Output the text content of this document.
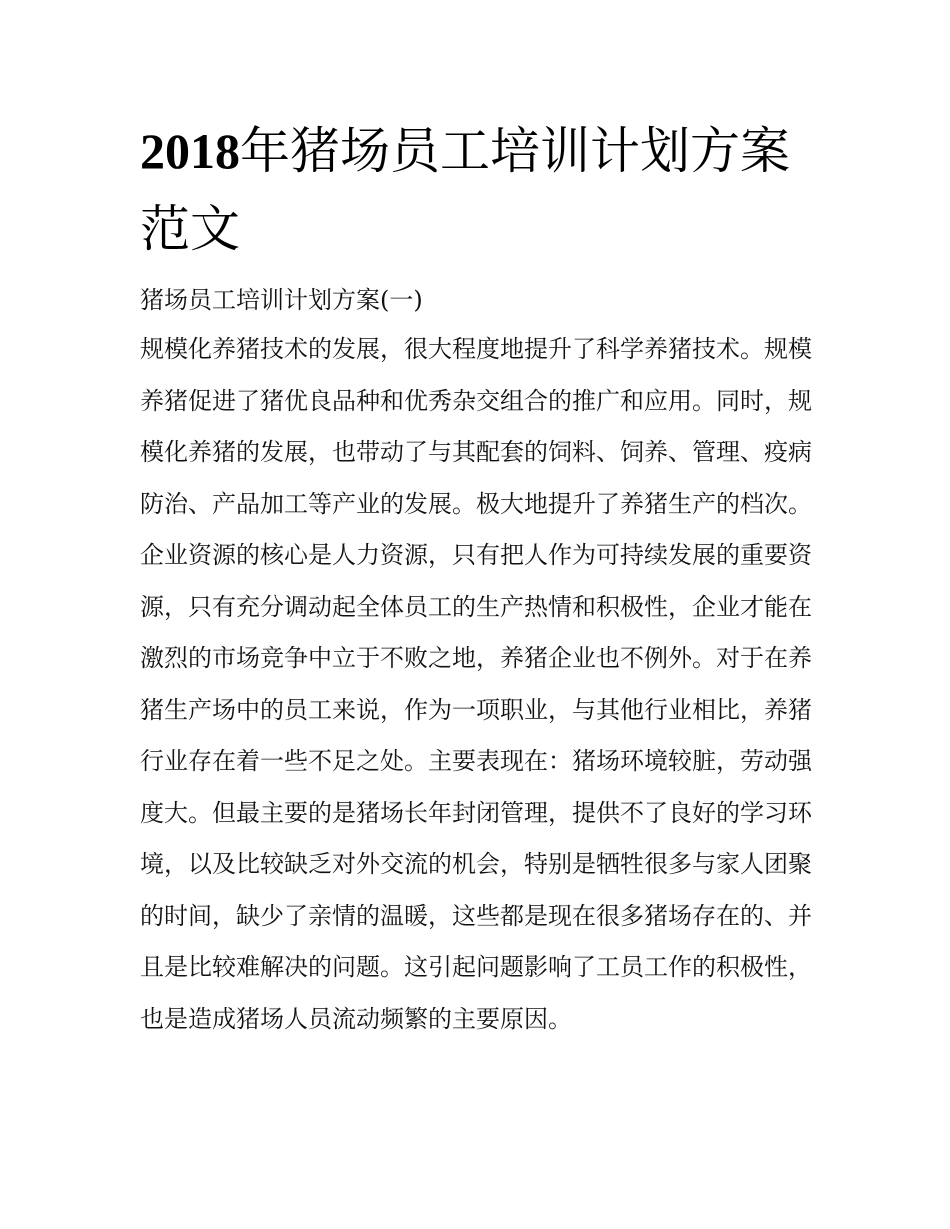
2018年猪场员工培训计划方案范文

猪场员工培训计划方案(一)

规模化养猪技术的发展，很大程度地提升了科学养猪技术。规模养猪促进了猪优良品种和优秀杂交组合的推广和应用。同时，规模化养猪的发展，也带动了与其配套的饲料、饲养、管理、疫病防治、产品加工等产业的发展。极大地提升了养猪生产的档次。

企业资源的核心是人力资源，只有把人作为可持续发展的重要资源，只有充分调动起全体员工的生产热情和积极性，企业才能在激烈的市场竞争中立于不败之地，养猪企业也不例外。对于在养猪生产场中的员工来说，作为一项职业，与其他行业相比，养猪行业存在着一些不足之处。主要表现在：猪场环境较脏，劳动强度大。但最主要的是猪场长年封闭管理，提供不了良好的学习环境，以及比较缺乏对外交流的机会，特别是牺牲很多与家人团聚的时间，缺少了亲情的温暖，这些都是现在很多猪场存在的、并且是比较难解决的问题。这引起问题影响了工员工作的积极性，也是造成猪场人员流动频繁的主要原因。
